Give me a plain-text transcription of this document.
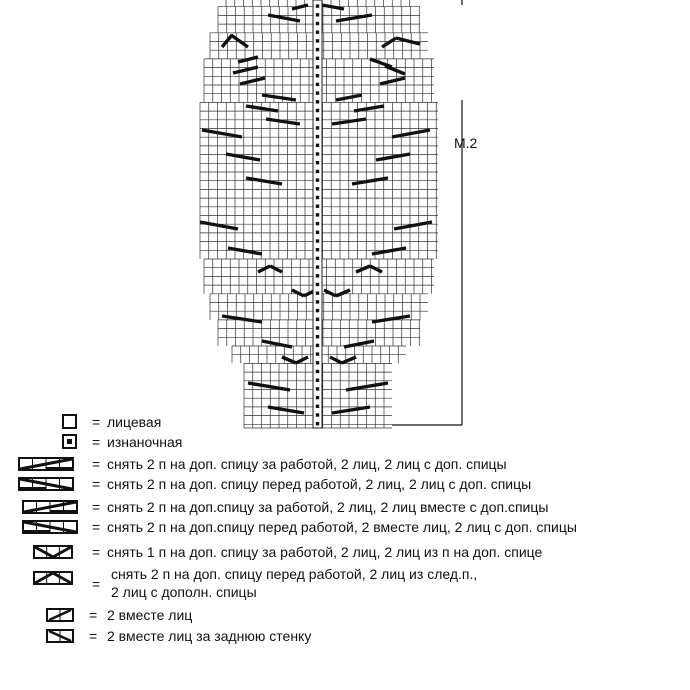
M.2
= лицевая
= изнаночная
= снять 2 п на доп. спицу за работой, 2 лиц, 2 лиц с доп. спицы
= снять 2 п на доп. спицу перед работой, 2 лиц, 2 лиц с доп. спицы
= снять 2 п на доп.спицу за работой, 2 лиц, 2 лиц вместе с доп.спицы
= снять 2 п на доп.спицу перед работой, 2 вместе лиц, 2 лиц с доп. спицы
= снять 1 п на доп. спицу за работой, 2 лиц, 2 лиц из п на доп. спице
=
снять 2 п на доп. спицу перед работой, 2 лиц из след.п.,
2 лиц с дополн. спицы
= 2 вместе лиц
= 2 вместе лиц за заднюю стенку
